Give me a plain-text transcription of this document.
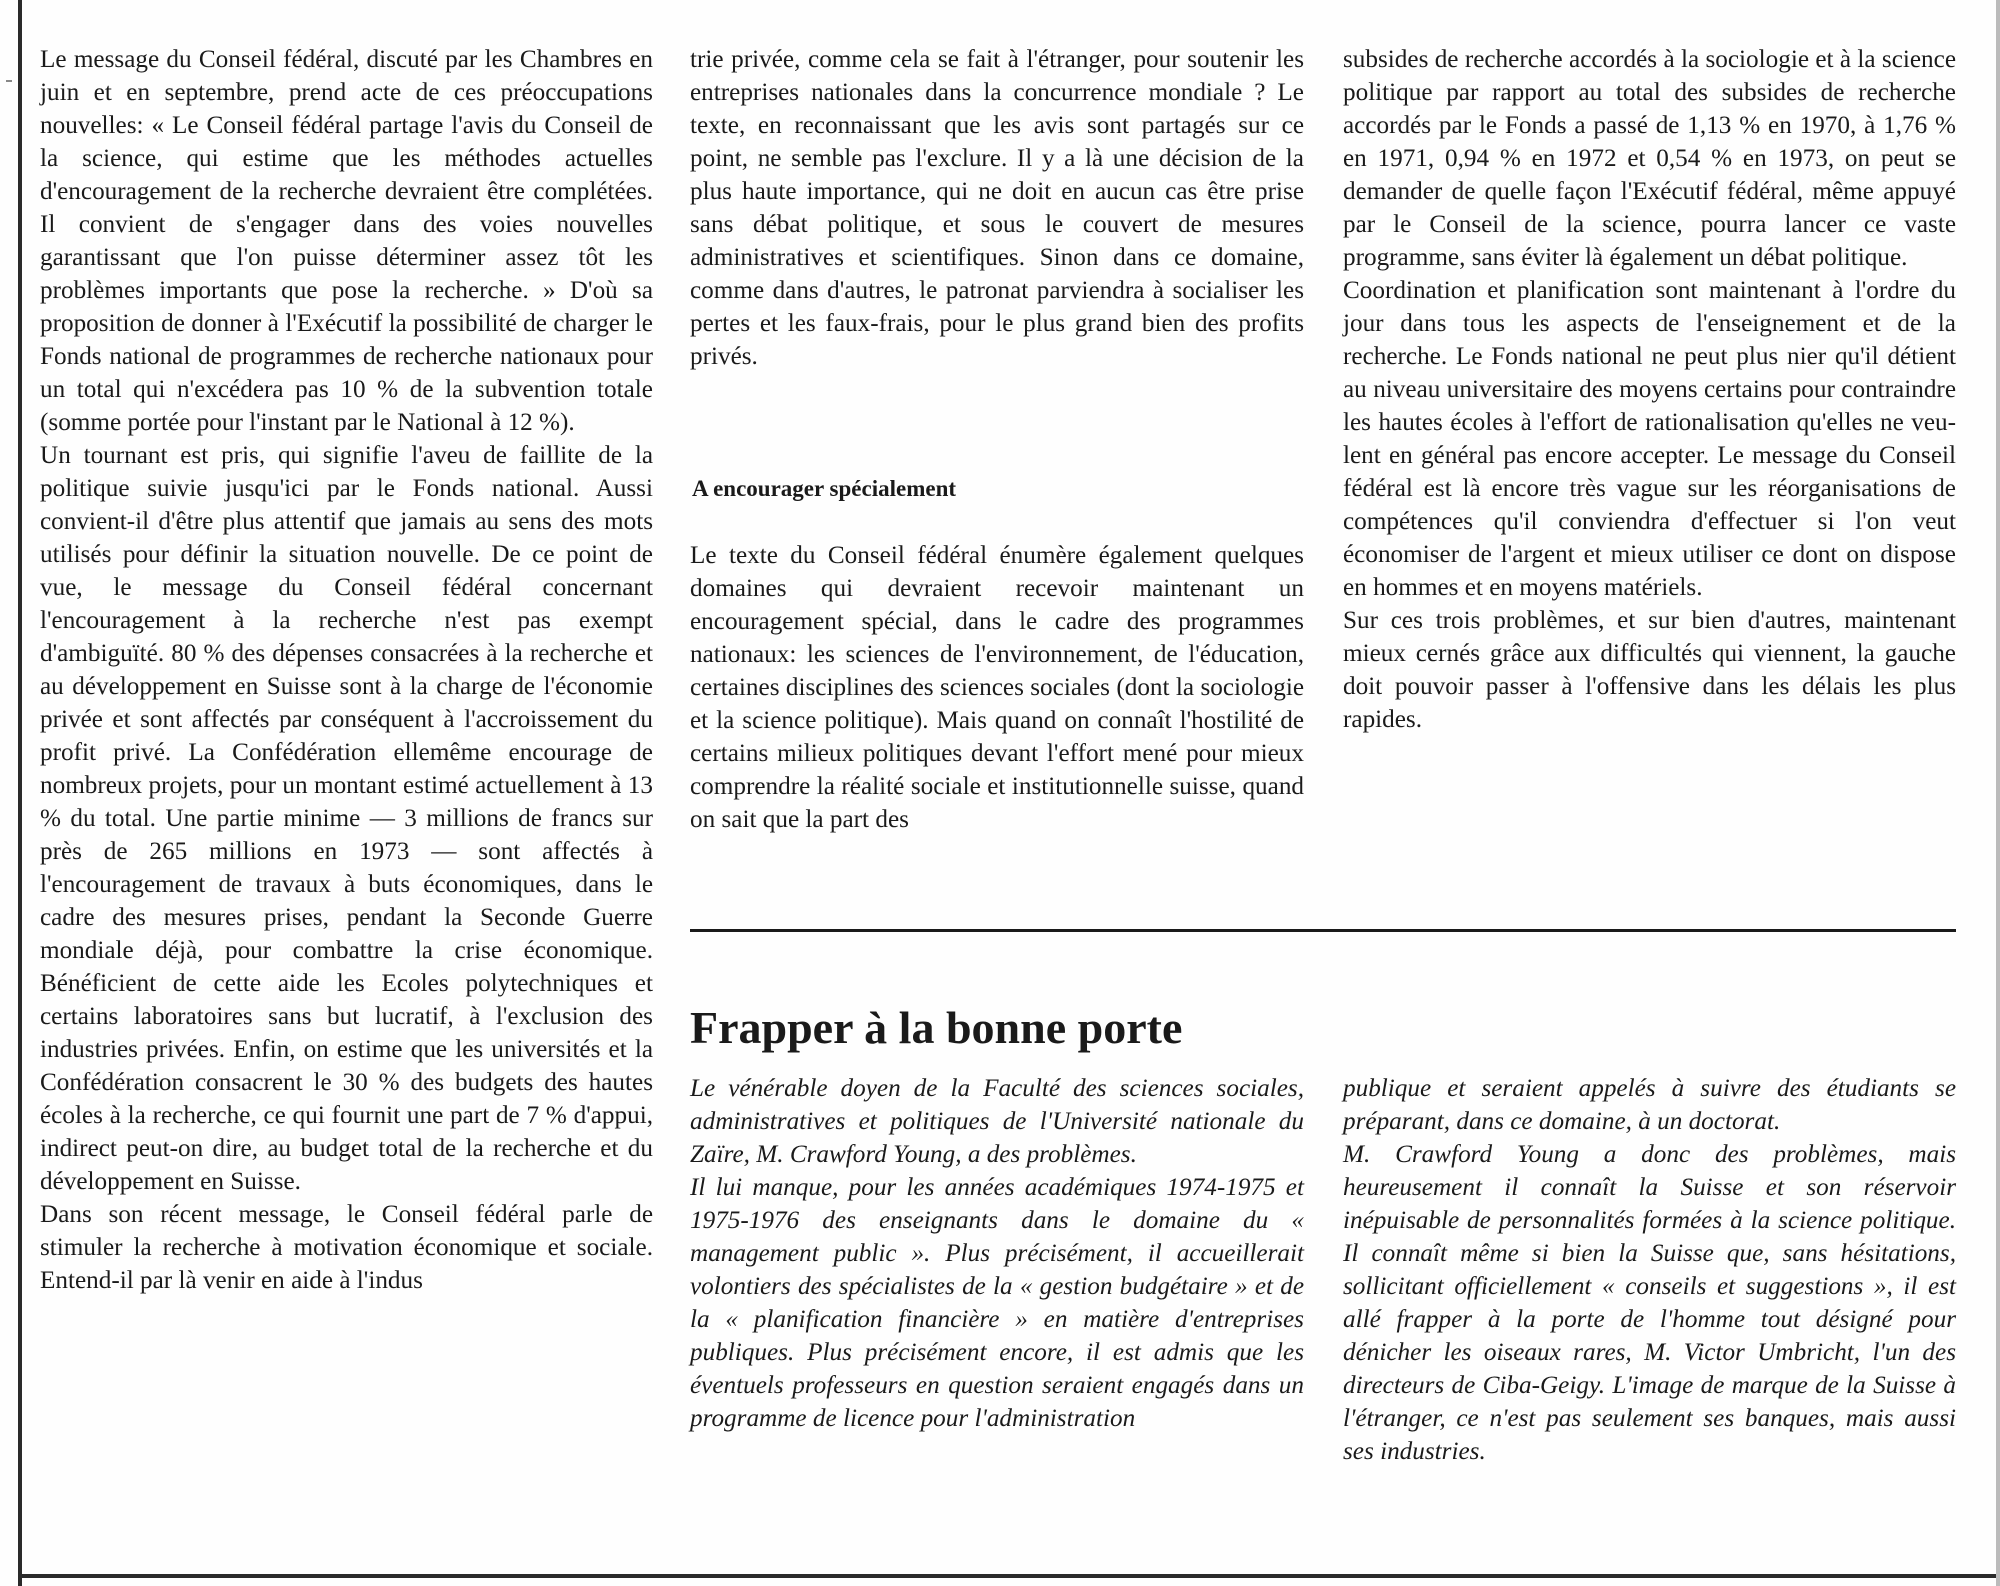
Le message du Conseil fédéral, discuté par les Chambres en juin et en septembre, prend acte de ces préoccupations nouvelles: « Le Conseil fédéral partage l'avis du Conseil de la science, qui estime que les méthodes actuelles d'encouragement de la recherche devraient être complétées. Il convient de s'engager dans des voies nouvelles garantissant que l'on puisse déterminer assez tôt les problèmes importants que pose la recherche. » D'où sa proposition de donner à l'Exécutif la possibilité de charger le Fonds national de programmes de recherche nationaux pour un total qui n'excédera pas 10 % de la subvention totale (somme portée pour l'instant par le National à 12 %).

Un tournant est pris, qui signifie l'aveu de faillite de la politique suivie jusqu'ici par le Fonds national. Aussi convient-il d'être plus attentif que jamais au sens des mots utilisés pour définir la situation nouvelle. De ce point de vue, le message du Conseil fédéral concernant l'encouragement à la recherche n'est pas exempt d'ambiguïté. 80 % des dépenses consacrées à la recherche et au développement en Suisse sont à la charge de l'économie privée et sont affectés par conséquent à l'accroissement du profit privé. La Confédération ellemême encourage de nombreux projets, pour un montant estimé actuellement à 13 % du total. Une partie minime — 3 millions de francs sur près de 265 millions en 1973 — sont affectés à l'encouragement de travaux à buts économiques, dans le cadre des mesures prises, pendant la Seconde Guerre mondiale déjà, pour combattre la crise économique. Bénéficient de cette aide les Ecoles polytechniques et certains laboratoires sans but lucratif, à l'exclusion des industries privées. Enfin, on estime que les universités et la Confédération consacrent le 30 % des budgets des hautes écoles à la recherche, ce qui fournit une part de 7 % d'appui, indirect peut-on dire, au budget total de la recherche et du développement en Suisse.

Dans son récent message, le Conseil fédéral parle de stimuler la recherche à motivation économique et sociale. Entend-il par là venir en aide à l'indus

trie privée, comme cela se fait à l'étranger, pour soutenir les entreprises nationales dans la concurrence mondiale ? Le texte, en reconnaissant que les avis sont partagés sur ce point, ne semble pas l'exclure. Il y a là une décision de la plus haute importance, qui ne doit en aucun cas être prise sans débat politique, et sous le couvert de mesures administratives et scientifiques. Sinon dans ce domaine, comme dans d'autres, le patronat parviendra à socialiser les pertes et les faux-frais, pour le plus grand bien des profits privés.

A encourager spécialement

Le texte du Conseil fédéral énumère également quelques domaines qui devraient recevoir maintenant un encouragement spécial, dans le cadre des programmes nationaux: les sciences de l'environnement, de l'éducation, certaines disciplines des sciences sociales (dont la sociologie et la science politique). Mais quand on connaît l'hostilité de certains milieux politiques devant l'effort mené pour mieux comprendre la réalité sociale et institutionnelle suisse, quand on sait que la part des

subsides de recherche accordés à la sociologie et à la science politique par rapport au total des subsides de recherche accordés par le Fonds a passé de 1,13 % en 1970, à 1,76 % en 1971, 0,94 % en 1972 et 0,54 % en 1973, on peut se demander de quelle façon l'Exécutif fédéral, même appuyé par le Conseil de la science, pourra lancer ce vaste programme, sans éviter là également un débat politique.

Coordination et planification sont maintenant à l'ordre du jour dans tous les aspects de l'enseignement et de la recherche. Le Fonds national ne peut plus nier qu'il détient au niveau universitaire des moyens certains pour contraindre les hautes écoles à l'effort de rationalisation qu'elles ne veulent en général pas encore accepter. Le message du Conseil fédéral est là encore très vague sur les réorganisations de compétences qu'il conviendra d'effectuer si l'on veut économiser de l'argent et mieux utiliser ce dont on dispose en hommes et en moyens matériels.

Sur ces trois problèmes, et sur bien d'autres, maintenant mieux cernés grâce aux difficultés qui viennent, la gauche doit pouvoir passer à l'offensive dans les délais les plus rapides.

Frapper à la bonne porte

Le vénérable doyen de la Faculté des sciences sociales, administratives et politiques de l'Université nationale du Zaïre, M. Crawford Young, a des problèmes.

Il lui manque, pour les années académiques 1974-1975 et 1975-1976 des enseignants dans le domaine du « management public ». Plus précisément, il accueillerait volontiers des spécialistes de la « gestion budgétaire » et de la « planification financière » en matière d'entreprises publiques. Plus précisément encore, il est admis que les éventuels professeurs en question seraient engagés dans un programme de licence pour l'administration

publique et seraient appelés à suivre des étudiants se préparant, dans ce domaine, à un doctorat.

M. Crawford Young a donc des problèmes, mais heureusement il connaît la Suisse et son réservoir inépuisable de personnalités formées à la science politique. Il connaît même si bien la Suisse que, sans hésitations, sollicitant officiellement « conseils et suggestions », il est allé frapper à la porte de l'homme tout désigné pour dénicher les oiseaux rares, M. Victor Umbricht, l'un des directeurs de Ciba-Geigy. L'image de marque de la Suisse à l'étranger, ce n'est pas seulement ses banques, mais aussi ses industries.
